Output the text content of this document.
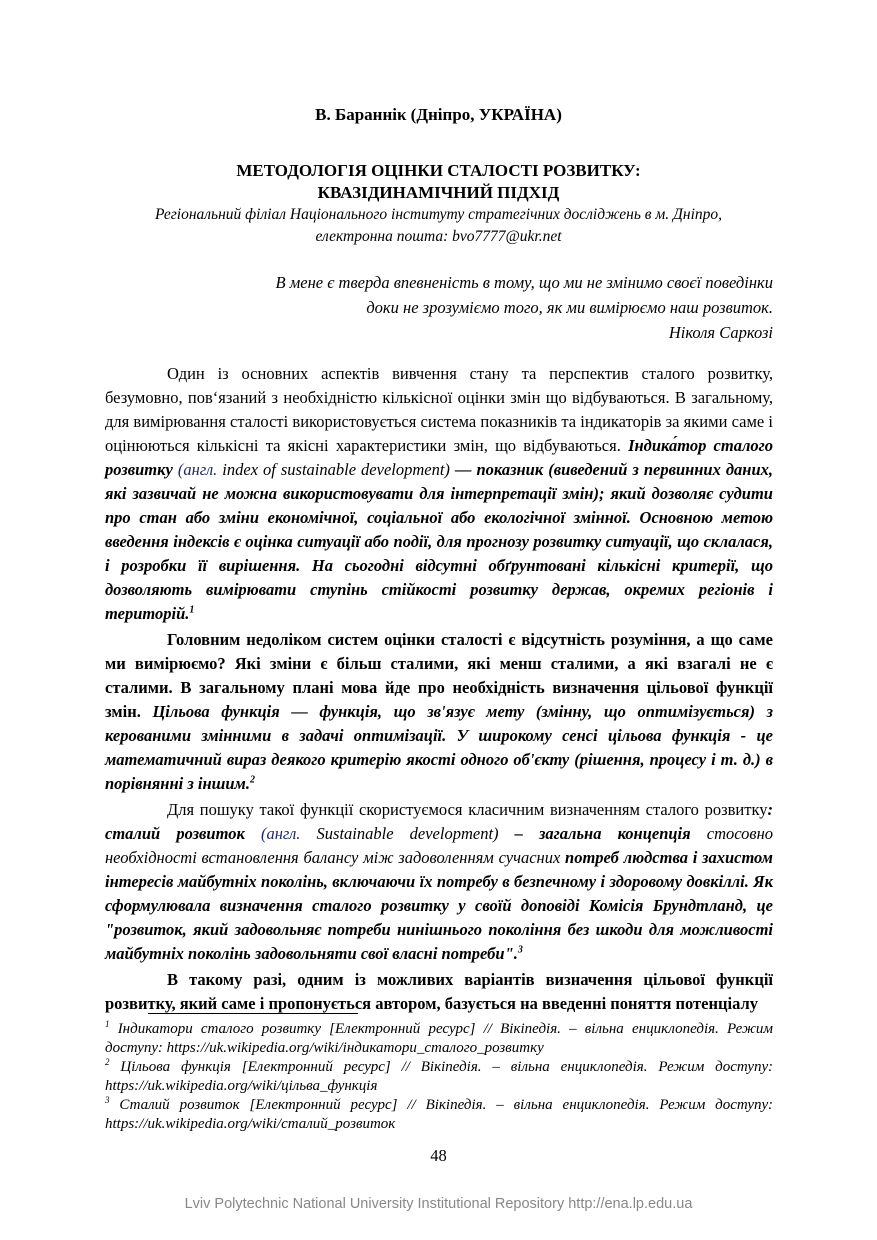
В. Баранніκ (Дніпро, УКРАЇНА)
МЕТОДОЛОГІЯ ОЦІНКИ СТАЛОСТІ РОЗВИТКУ:
КВАЗІДИНАМІЧНИЙ ПІДХІД
Регіональний філіал Національного інституту стратегічних досліджень в м. Дніпро,
електронна пошта: bvo7777@ukr.net
В мене є тверда впевненість в тому, що ми не змінимо своєї поведінки
доки не зрозуміємо того, як ми вимірюємо наш розвиток.
Ніколя Саркозі

Один із основних аспектів вивчення стану та перспектив сталого розвитку, безумовно, пов‘язаний з необхідністю кількісної оцінки змін що відбуваються. В загальному, для вимірювання сталості використовується система показників та індикаторів за якими саме і оцінюються кількісні та якісні характеристики змін, що відбуваються. Індика́тор сталого розвитку (англ. index of sustainable development) — показник (виведений з первинних даних, які зазвичай не можна використовувати для інтерпретації змін); який дозволяє судити про стан або зміни економічної, соціальної або екологічної змінної. Основною метою введення індексів є оцінка ситуації або події, для прогнозу розвитку ситуації, що склалася, і розробки її вирішення. На сьогодні відсутні обґрунтовані кількісні критерії, що дозволяють вимірювати ступінь стійкості розвитку держав, окремих регіонів і територій.$^1$

Головним недоліком систем оцінки сталості є відсутність розуміння, а що саме ми вимірюємо? Які зміни є більш сталими, які менш сталими, а які взагалі не є сталими. В загальному плані мова йде про необхідність визначення цільової функції змін. Цільова функція — функція, що зв'язує мету (змінну, що оптимізується) з керованими змінними в задачі оптимізації. У широкому сенсі цільова функція - це математичний вираз деякого критерію якості одного об'єкту (рішення, процесу і т. д.) в порівнянні з іншим.$^2$

Для пошуку такої функції скористуємося класичним визначенням сталого розвитку: сталий розвиток (англ. Sustainable development) – загальна концепція стосовно необхідності встановлення балансу між задоволенням сучасних потреб людства і захистом інтересів майбутніх поколінь, включаючи їх потребу в безпечному і здоровому довкіллі. Як сформулювала визначення сталого розвитку у своїй доповіді Комісія Брундтланд, це "розвиток, який задовольняє потреби нинішнього покоління без шкоди для можливості майбутніх поколінь задовольняти свої власні потреби".$^3$

В такому разі, одним із можливих варіантів визначення цільової функції розвитку, який саме і пропонується автором, базується на введенні поняття потенціалу

$^1$ Індикатори сталого розвитку [Електронний ресурс] // Вікіпедія. – вільна енциклопедія. Режим доступу: https://uk.wikipedia.org/wiki/індикатори_сталого_розвитку

$^2$ Цільова функція [Електронний ресурс] // Вікіпедія. – вільна енциклопедія. Режим доступу: https://uk.wikipedia.org/wiki/цільва_функція

$^3$ Сталий розвиток [Електронний ресурс] // Вікіпедія. – вільна енциклопедія. Режим доступу: https://uk.wikipedia.org/wiki/сталий_розвиток

48
Lviv Polytechnic National University Institutional Repository http://ena.lp.edu.ua
